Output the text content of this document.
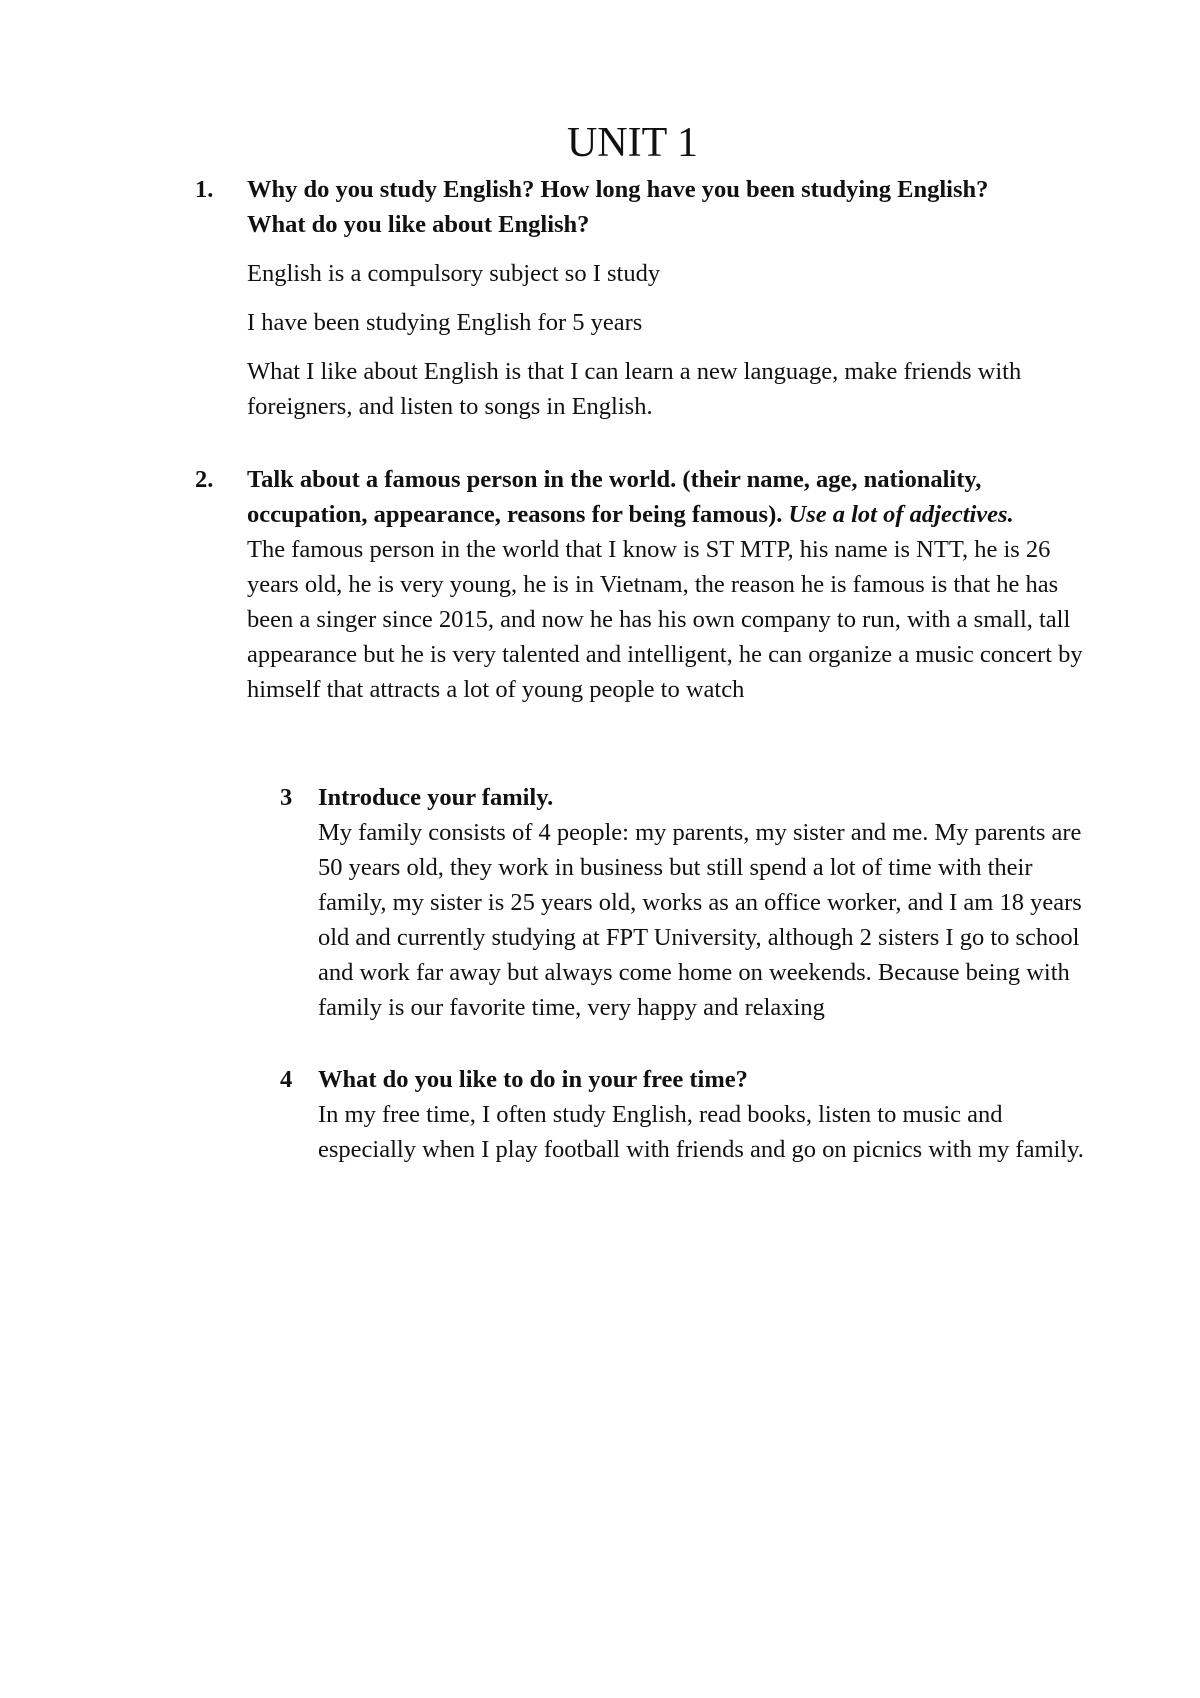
UNIT 1
1. Why do you study English? How long have you been studying English? What do you like about English?

English is a compulsory subject so I study

I have been studying English for 5 years

What I like about English is that I can learn a new language, make friends with foreigners, and listen to songs in English.

2. Talk about a famous person in the world. (their name, age, nationality, occupation, appearance, reasons for being famous). Use a lot of adjectives.

The famous person in the world that I know is ST MTP, his name is NTT, he is 26 years old, he is very young, he is in Vietnam, the reason he is famous is that he has been a singer since 2015, and now he has his own company to run, with a small, tall appearance but he is very talented and intelligent, he can organize a music concert by himself that attracts a lot of young people to watch

3 Introduce your family.

My family consists of 4 people: my parents, my sister and me. My parents are 50 years old, they work in business but still spend a lot of time with their family, my sister is 25 years old, works as an office worker, and I am 18 years old and currently studying at FPT University, although 2 sisters I go to school and work far away but always come home on weekends. Because being with family is our favorite time, very happy and relaxing

4 What do you like to do in your free time?

In my free time, I often study English, read books, listen to music and especially when I play football with friends and go on picnics with my family.
